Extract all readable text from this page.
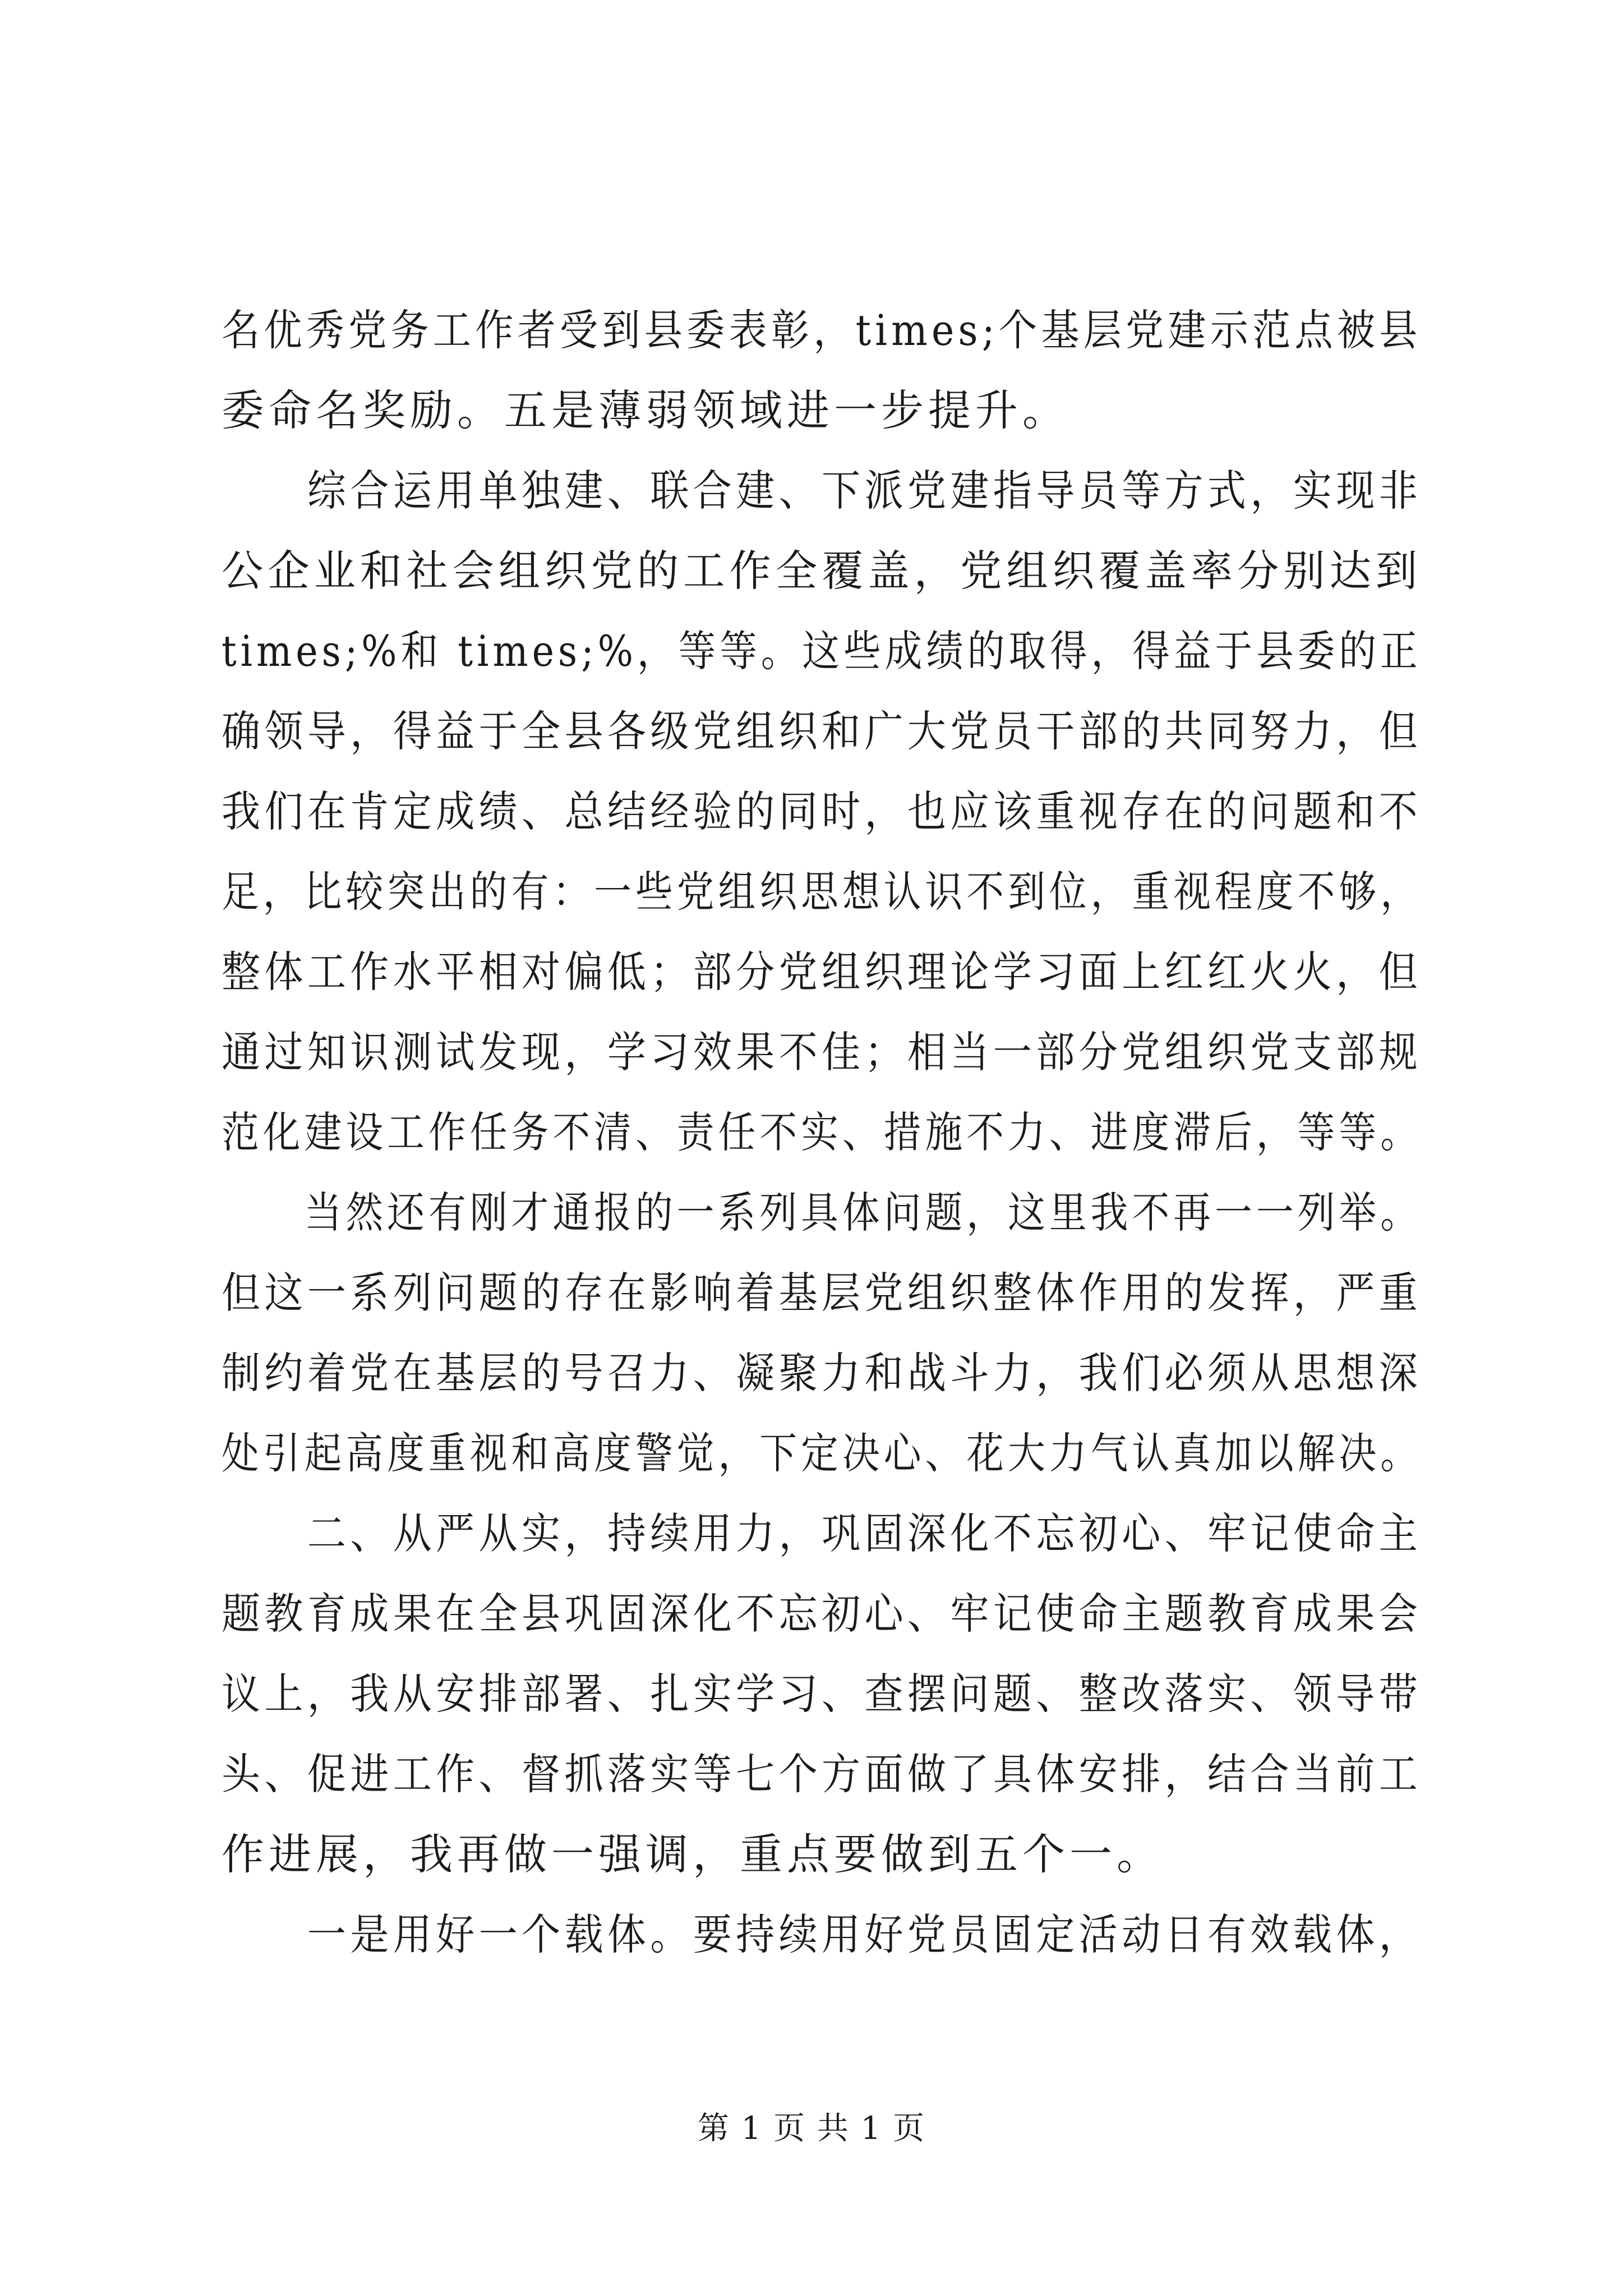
名优秀党务工作者受到县委表彰，times;个基层党建示范点被县
委命名奖励。五是薄弱领域进一步提升。
　　综合运用单独建、联合建、下派党建指导员等方式，实现非
公企业和社会组织党的工作全覆盖，党组织覆盖率分别达到
times;%和 times;%，等等。这些成绩的取得，得益于县委的正
确领导，得益于全县各级党组织和广大党员干部的共同努力，但
我们在肯定成绩、总结经验的同时，也应该重视存在的问题和不
足，比较突出的有：一些党组织思想认识不到位，重视程度不够，
整体工作水平相对偏低；部分党组织理论学习面上红红火火，但
通过知识测试发现，学习效果不佳；相当一部分党组织党支部规
范化建设工作任务不清、责任不实、措施不力、进度滞后，等等。
　　当然还有刚才通报的一系列具体问题，这里我不再一一列举。
但这一系列问题的存在影响着基层党组织整体作用的发挥，严重
制约着党在基层的号召力、凝聚力和战斗力，我们必须从思想深
处引起高度重视和高度警觉，下定决心、花大力气认真加以解决。
　　二、从严从实，持续用力，巩固深化不忘初心、牢记使命主
题教育成果在全县巩固深化不忘初心、牢记使命主题教育成果会
议上，我从安排部署、扎实学习、查摆问题、整改落实、领导带
头、促进工作、督抓落实等七个方面做了具体安排，结合当前工
作进展，我再做一强调，重点要做到五个一。
　　一是用好一个载体。要持续用好党员固定活动日有效载体，
第 1 页 共 1 页
